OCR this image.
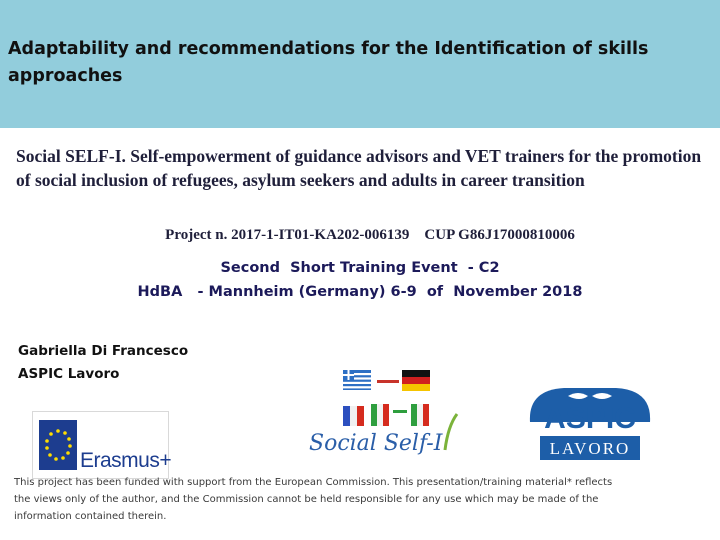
Adaptability and recommendations for the Identification of skills approaches
Social SELF-I. Self-empowerment of guidance advisors and VET trainers for the promotion of social inclusion of refugees, asylum seekers and adults in career transition
Project n. 2017-1-IT01-KA202-006139    CUP G86J17000810006
Second  Short Training Event  - C2
HdBA   - Mannheim (Germany) 6-9  of  November 2018
Gabriella Di Francesco
ASPIC Lavoro
Erasmus+
Social Self-I
ASPIC
LAVORO
This project has been funded with support from the European Commission. This presentation/training material* reflects the views only of the author, and the Commission cannot be held responsible for any use which may be made of the information contained therein.
